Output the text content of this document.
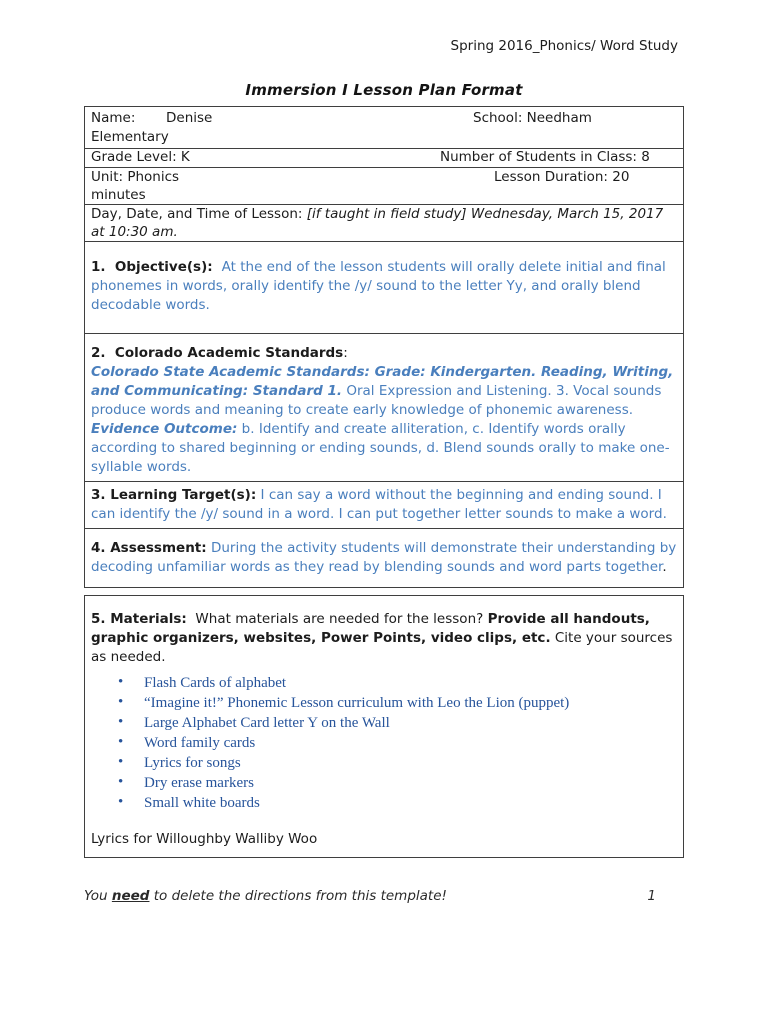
Spring 2016_Phonics/ Word Study
Immersion I Lesson Plan Format
Name: Denise	School: Needham
Elementary
Grade Level: K	Number of Students in Class: 8
Unit: Phonics	Lesson Duration: 20
minutes
Day, Date, and Time of Lesson: [if taught in field study] Wednesday, March 15, 2017 at 10:30 am.
1.  Objective(s):  At the end of the lesson students will orally delete initial and final phonemes in words, orally identify the /y/ sound to the letter Yy, and orally blend decodable words.
2.  Colorado Academic Standards:
Colorado State Academic Standards: Grade: Kindergarten. Reading, Writing, and Communicating: Standard 1. Oral Expression and Listening. 3. Vocal sounds produce words and meaning to create early knowledge of phonemic awareness. Evidence Outcome: b. Identify and create alliteration, c. Identify words orally according to shared beginning or ending sounds, d. Blend sounds orally to make one-syllable words.
3. Learning Target(s): I can say a word without the beginning and ending sound. I can identify the /y/ sound in a word. I can put together letter sounds to make a word.
4. Assessment: During the activity students will demonstrate their understanding by decoding unfamiliar words as they read by blending sounds and word parts together.
5. Materials:  What materials are needed for the lesson? Provide all handouts, graphic organizers, websites, Power Points, video clips, etc. Cite your sources as needed.
• Flash Cards of alphabet
• “Imagine it!” Phonemic Lesson curriculum with Leo the Lion (puppet)
• Large Alphabet Card letter Y on the Wall
• Word family cards
• Lyrics for songs
• Dry erase markers
• Small white boards
Lyrics for Willoughby Walliby Woo
You need to delete the directions from this template!	1
